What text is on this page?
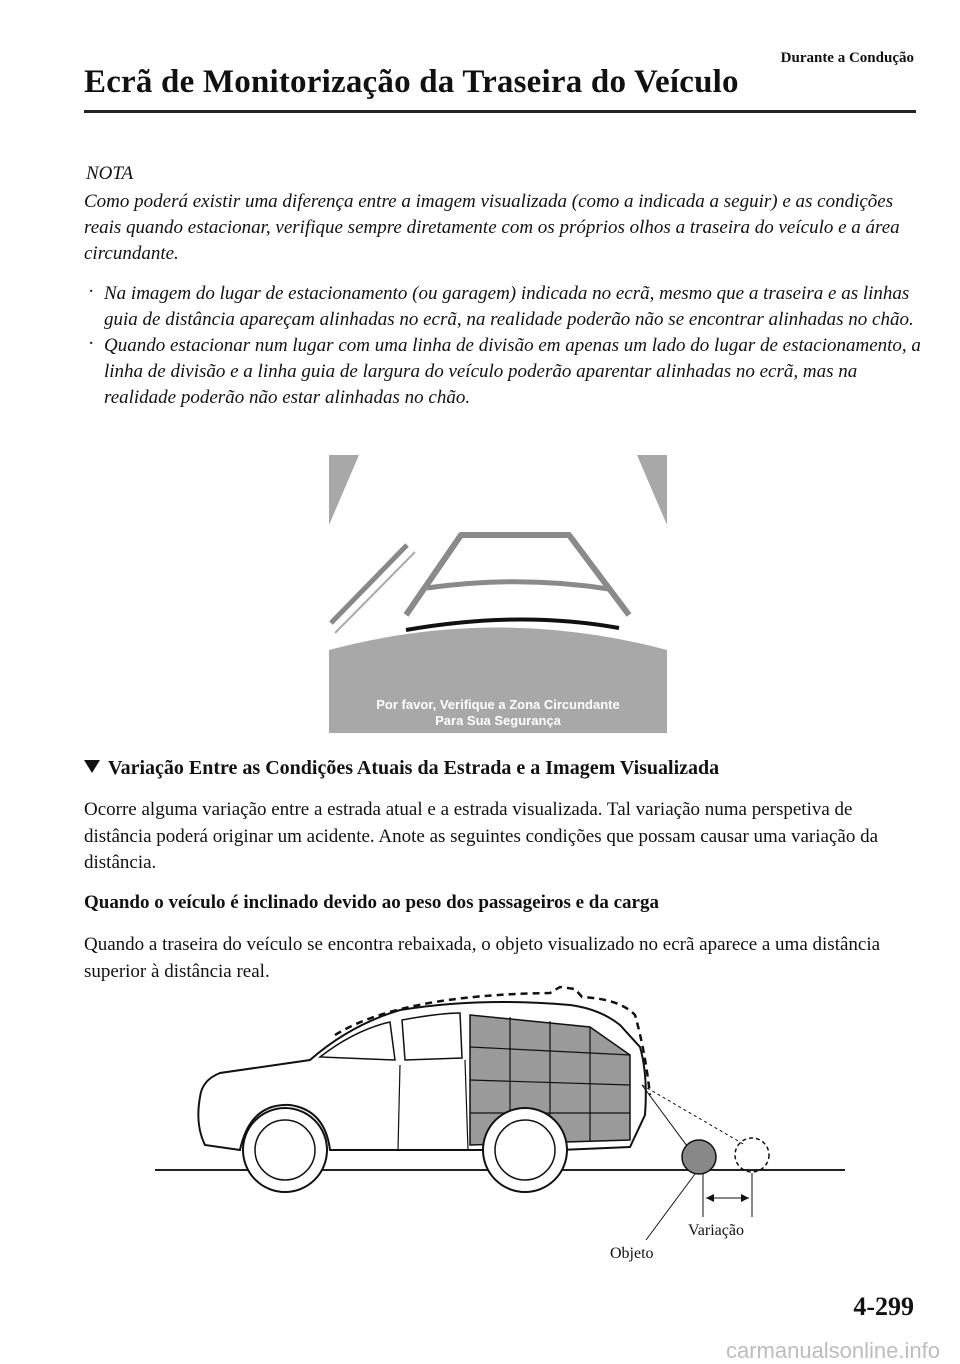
Durante a Condução
Ecrã de Monitorização da Traseira do Veículo
NOTA
Como poderá existir uma diferença entre a imagem visualizada (como a indicada a seguir) e as condições reais quando estacionar, verifique sempre diretamente com os próprios olhos a traseira do veículo e a área circundante.
· Na imagem do lugar de estacionamento (ou garagem) indicada no ecrã, mesmo que a traseira e as linhas guia de distância apareçam alinhadas no ecrã, na realidade poderão não se encontrar alinhadas no chão.
· Quando estacionar num lugar com uma linha de divisão em apenas um lado do lugar de estacionamento, a linha de divisão e a linha guia de largura do veículo poderão aparentar alinhadas no ecrã, mas na realidade poderão não estar alinhadas no chão.
Por favor, Verifique a Zona Circundante
Para Sua Segurança
Variação Entre as Condições Atuais da Estrada e a Imagem Visualizada
Ocorre alguma variação entre a estrada atual e a estrada visualizada. Tal variação numa perspetiva de distância poderá originar um acidente. Anote as seguintes condições que possam causar uma variação da distância.
Quando o veículo é inclinado devido ao peso dos passageiros e da carga
Quando a traseira do veículo se encontra rebaixada, o objeto visualizado no ecrã aparece a uma distância superior à distância real.
Variação
Objeto
4-299
carmanualsonline.info
